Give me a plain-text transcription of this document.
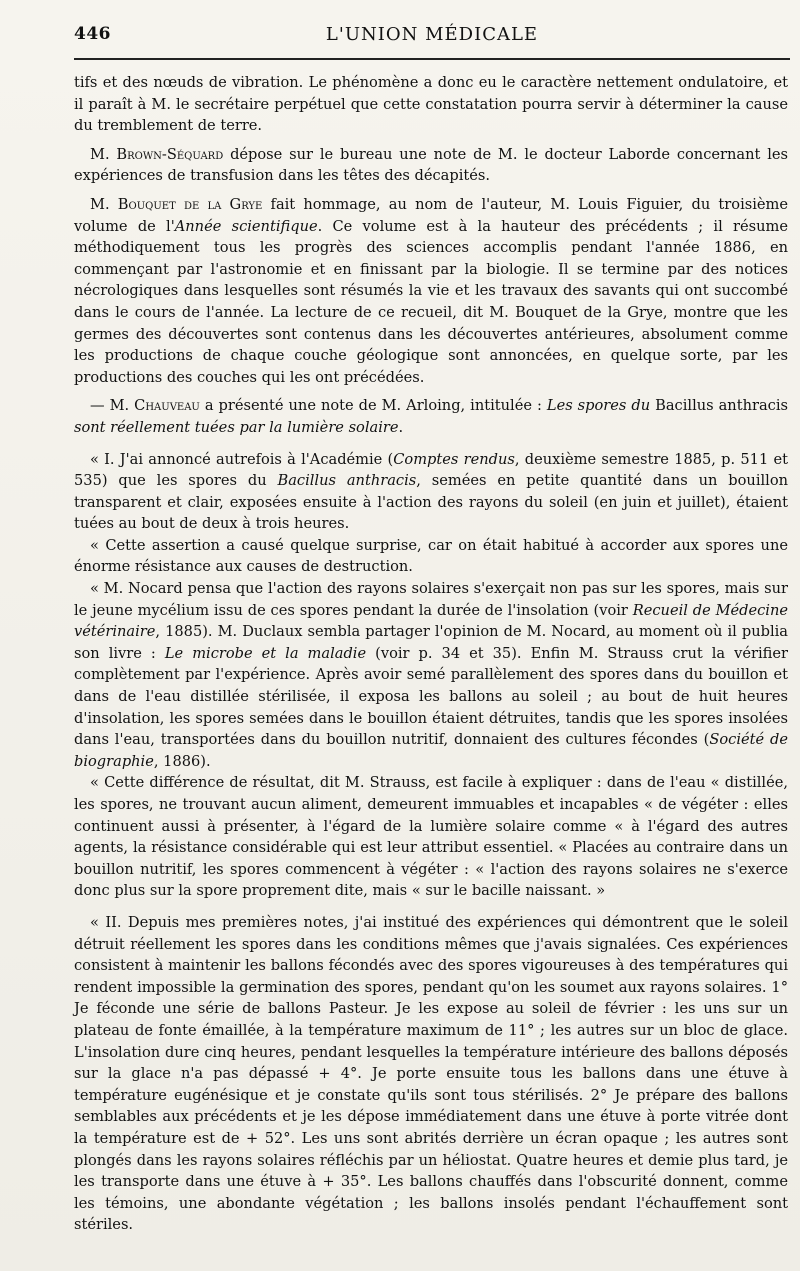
446	L'UNION MÉDICALE

tifs et des nœuds de vibration. Le phénomène a donc eu le caractère nettement ondulatoire, et il paraît à M. le secrétaire perpétuel que cette constatation pourra servir à déterminer la cause du tremblement de terre.

M. Brown-Séquard dépose sur le bureau une note de M. le docteur Laborde concernant les expériences de transfusion dans les têtes des décapités.

M. Bouquet de la Grye fait hommage, au nom de l'auteur, M. Louis Figuier, du troisième volume de l'Année scientifique. Ce volume est à la hauteur des précédents ; il résume méthodiquement tous les progrès des sciences accomplis pendant l'année 1886, en commençant par l'astronomie et en finissant par la biologie. Il se termine par des notices nécrologiques dans lesquelles sont résumés la vie et les travaux des savants qui ont succombé dans le cours de l'année. La lecture de ce recueil, dit M. Bouquet de la Grye, montre que les germes des découvertes sont contenus dans les découvertes antérieures, absolument comme les productions de chaque couche géologique sont annoncées, en quelque sorte, par les productions des couches qui les ont précédées.

— M. Chauveau a présenté une note de M. Arloing, intitulée : Les spores du Bacillus anthracis sont réellement tuées par la lumière solaire.

« I. J'ai annoncé autrefois à l'Académie (Comptes rendus, deuxième semestre 1885, p. 511 et 535) que les spores du Bacillus anthracis, semées en petite quantité dans un bouillon transparent et clair, exposées ensuite à l'action des rayons du soleil (en juin et juillet), étaient tuées au bout de deux à trois heures.

« Cette assertion a causé quelque surprise, car on était habitué à accorder aux spores une énorme résistance aux causes de destruction.

« M. Nocard pensa que l'action des rayons solaires s'exerçait non pas sur les spores, mais sur le jeune mycélium issu de ces spores pendant la durée de l'insolation (voir Recueil de Médecine vétérinaire, 1885). M. Duclaux sembla partager l'opinion de M. Nocard, au moment où il publia son livre : Le microbe et la maladie (voir p. 34 et 35). Enfin M. Strauss crut la vérifier complètement par l'expérience. Après avoir semé parallèlement des spores dans du bouillon et dans de l'eau distillée stérilisée, il exposa les ballons au soleil ; au bout de huit heures d'insolation, les spores semées dans le bouillon étaient détruites, tandis que les spores insolées dans l'eau, transportées dans du bouillon nutritif, donnaient des cultures fécondes (Société de biographie, 1886).

« Cette différence de résultat, dit M. Strauss, est facile à expliquer : dans de l'eau « distillée, les spores, ne trouvant aucun aliment, demeurent immuables et incapables « de végéter : elles continuent aussi à présenter, à l'égard de la lumière solaire comme « à l'égard des autres agents, la résistance considérable qui est leur attribut essentiel. « Placées au contraire dans un bouillon nutritif, les spores commencent à végéter : « l'action des rayons solaires ne s'exerce donc plus sur la spore proprement dite, mais « sur le bacille naissant. »

« II. Depuis mes premières notes, j'ai institué des expériences qui démontrent que le soleil détruit réellement les spores dans les conditions mêmes que j'avais signalées. Ces expériences consistent à maintenir les ballons fécondés avec des spores vigoureuses à des températures qui rendent impossible la germination des spores, pendant qu'on les soumet aux rayons solaires. 1° Je féconde une série de ballons Pasteur. Je les expose au soleil de février : les uns sur un plateau de fonte émaillée, à la température maximum de 11° ; les autres sur un bloc de glace. L'insolation dure cinq heures, pendant lesquelles la température intérieure des ballons déposés sur la glace n'a pas dépassé + 4°. Je porte ensuite tous les ballons dans une étuve à température eugénésique et je constate qu'ils sont tous stérilisés. 2° Je prépare des ballons semblables aux précédents et je les dépose immédiatement dans une étuve à porte vitrée dont la température est de + 52°. Les uns sont abrités derrière un écran opaque ; les autres sont plongés dans les rayons solaires réfléchis par un héliostat. Quatre heures et demie plus tard, je les transporte dans une étuve à + 35°. Les ballons chauffés dans l'obscurité donnent, comme les témoins, une abondante végétation ; les ballons insolés pendant l'échauffement sont stériles.
